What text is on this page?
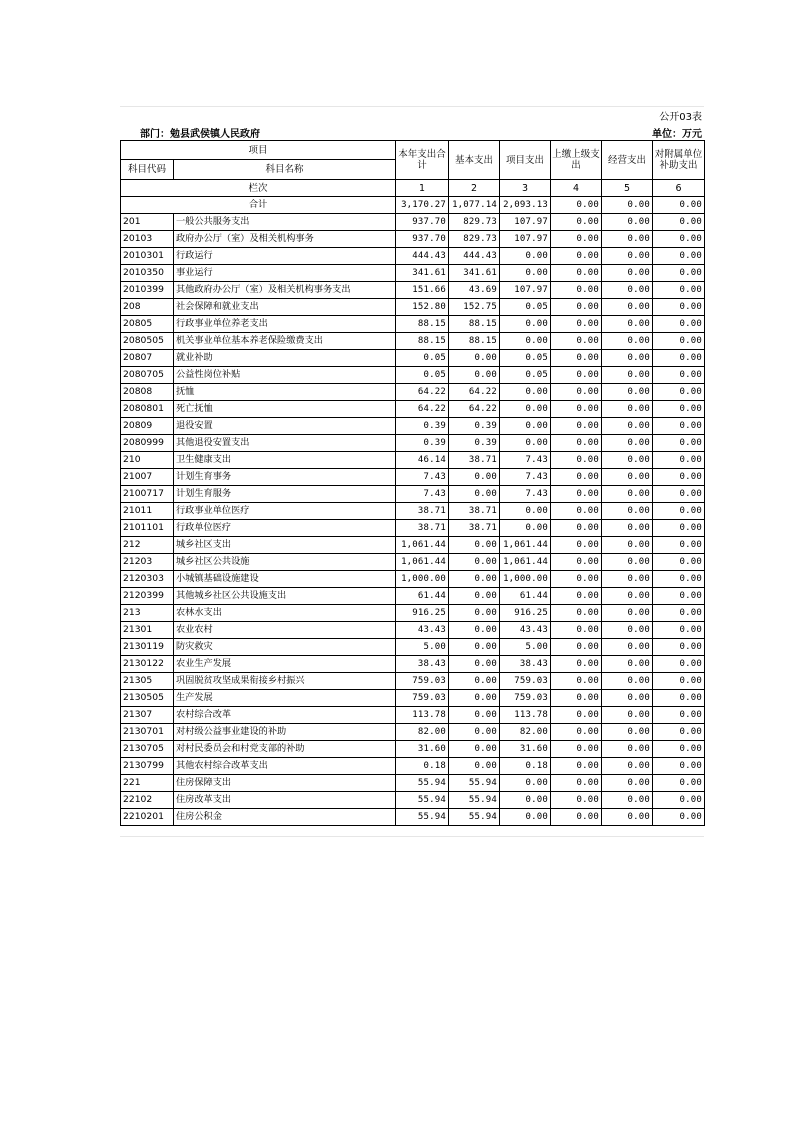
公开03表
部门：勉县武侯镇人民政府	单位：万元
项目		本年支出合计	基本支出	项目支出	上缴上级支出	经营支出	对附属单位补助支出
科目代码	科目名称						
栏次		1	2	3	4	5	6
合计		3,170.27	1,077.14	2,093.13	0.00	0.00	0.00
201	一般公共服务支出	937.70	829.73	107.97	0.00	0.00	0.00
20103	政府办公厅（室）及相关机构事务	937.70	829.73	107.97	0.00	0.00	0.00
2010301	行政运行	444.43	444.43	0.00	0.00	0.00	0.00
2010350	事业运行	341.61	341.61	0.00	0.00	0.00	0.00
2010399	其他政府办公厅（室）及相关机构事务支出	151.66	43.69	107.97	0.00	0.00	0.00
208	社会保障和就业支出	152.80	152.75	0.05	0.00	0.00	0.00
20805	行政事业单位养老支出	88.15	88.15	0.00	0.00	0.00	0.00
2080505	机关事业单位基本养老保险缴费支出	88.15	88.15	0.00	0.00	0.00	0.00
20807	就业补助	0.05	0.00	0.05	0.00	0.00	0.00
2080705	公益性岗位补贴	0.05	0.00	0.05	0.00	0.00	0.00
20808	抚恤	64.22	64.22	0.00	0.00	0.00	0.00
2080801	死亡抚恤	64.22	64.22	0.00	0.00	0.00	0.00
20809	退役安置	0.39	0.39	0.00	0.00	0.00	0.00
2080999	其他退役安置支出	0.39	0.39	0.00	0.00	0.00	0.00
210	卫生健康支出	46.14	38.71	7.43	0.00	0.00	0.00
21007	计划生育事务	7.43	0.00	7.43	0.00	0.00	0.00
2100717	计划生育服务	7.43	0.00	7.43	0.00	0.00	0.00
21011	行政事业单位医疗	38.71	38.71	0.00	0.00	0.00	0.00
2101101	行政单位医疗	38.71	38.71	0.00	0.00	0.00	0.00
212	城乡社区支出	1,061.44	0.00	1,061.44	0.00	0.00	0.00
21203	城乡社区公共设施	1,061.44	0.00	1,061.44	0.00	0.00	0.00
2120303	小城镇基础设施建设	1,000.00	0.00	1,000.00	0.00	0.00	0.00
2120399	其他城乡社区公共设施支出	61.44	0.00	61.44	0.00	0.00	0.00
213	农林水支出	916.25	0.00	916.25	0.00	0.00	0.00
21301	农业农村	43.43	0.00	43.43	0.00	0.00	0.00
2130119	防灾救灾	5.00	0.00	5.00	0.00	0.00	0.00
2130122	农业生产发展	38.43	0.00	38.43	0.00	0.00	0.00
21305	巩固脱贫攻坚成果衔接乡村振兴	759.03	0.00	759.03	0.00	0.00	0.00
2130505	生产发展	759.03	0.00	759.03	0.00	0.00	0.00
21307	农村综合改革	113.78	0.00	113.78	0.00	0.00	0.00
2130701	对村级公益事业建设的补助	82.00	0.00	82.00	0.00	0.00	0.00
2130705	对村民委员会和村党支部的补助	31.60	0.00	31.60	0.00	0.00	0.00
2130799	其他农村综合改革支出	0.18	0.00	0.18	0.00	0.00	0.00
221	住房保障支出	55.94	55.94	0.00	0.00	0.00	0.00
22102	住房改革支出	55.94	55.94	0.00	0.00	0.00	0.00
2210201	住房公积金	55.94	55.94	0.00	0.00	0.00	0.00
